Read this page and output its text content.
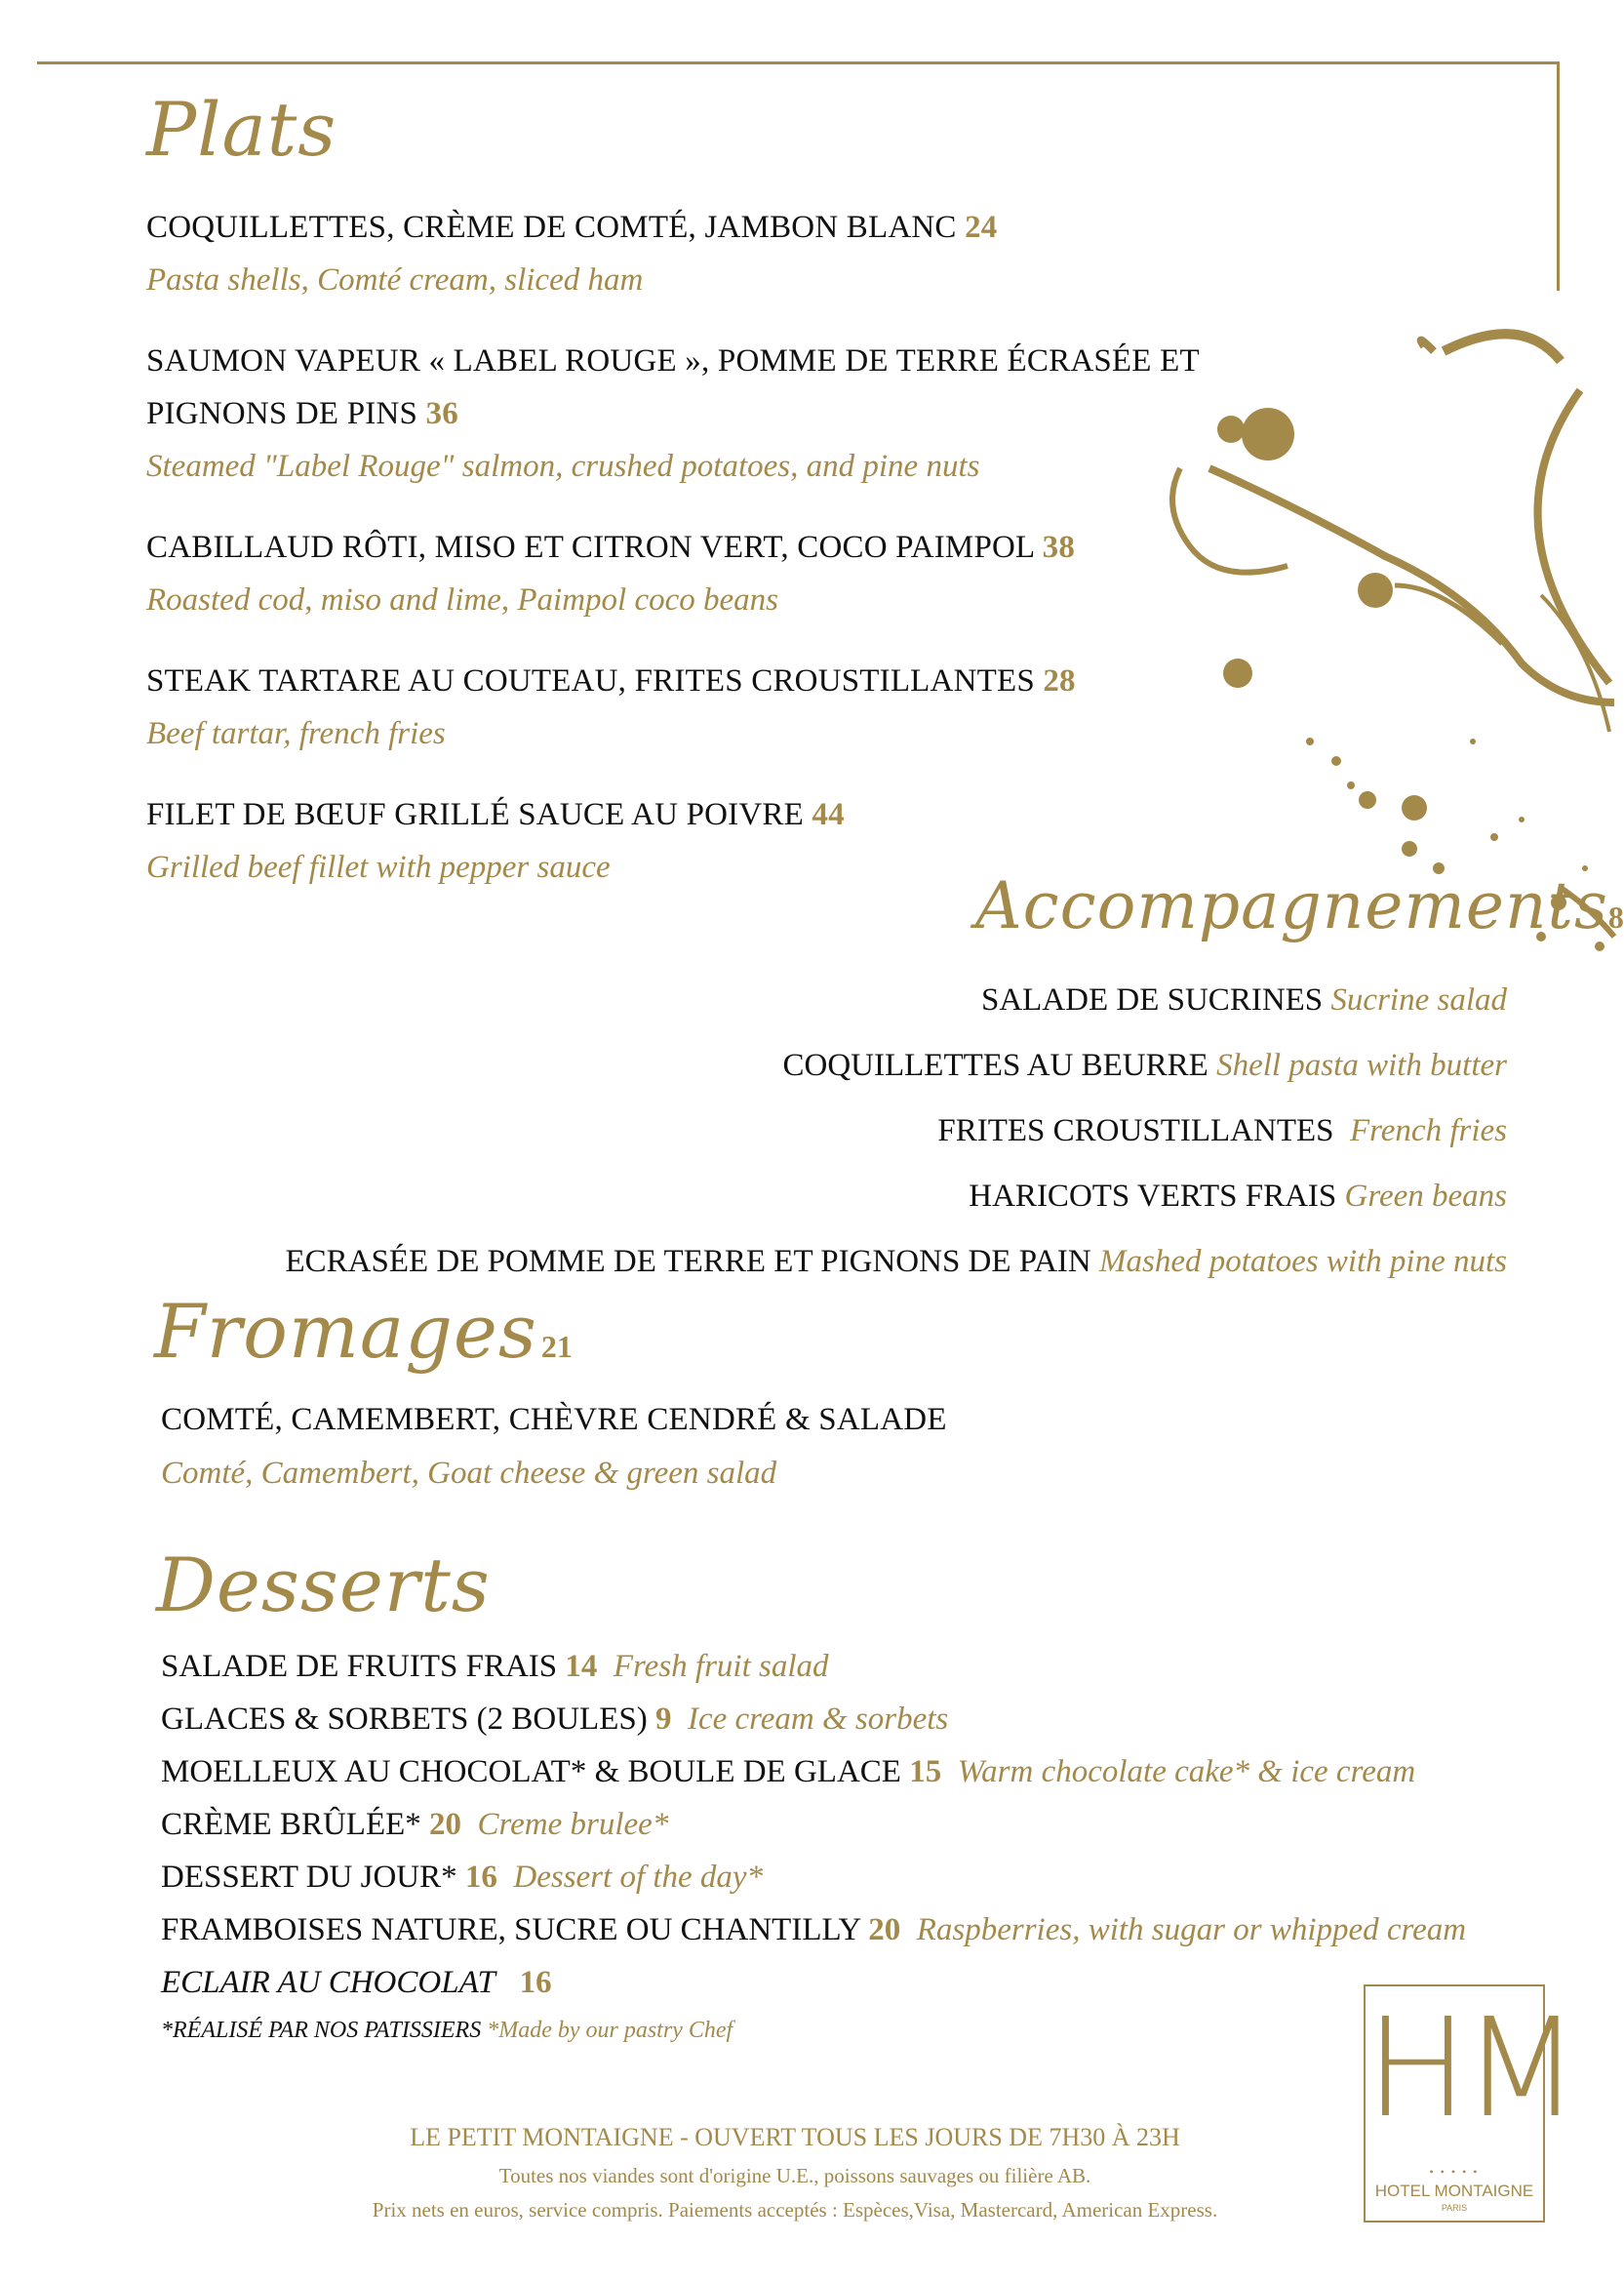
Plats
COQUILLETTES, CRÈME DE COMTÉ, JAMBON BLANC 24
Pasta shells, Comté cream, sliced ham
SAUMON VAPEUR « LABEL ROUGE », POMME DE TERRE ÉCRASÉE ET
PIGNONS DE PINS 36
Steamed "Label Rouge" salmon, crushed potatoes, and pine nuts
CABILLAUD RÔTI, MISO ET CITRON VERT, COCO PAIMPOL 38
Roasted cod, miso and lime, Paimpol coco beans
STEAK TARTARE AU COUTEAU, FRITES CROUSTILLANTES 28
Beef tartar, french fries
FILET DE BŒUF GRILLÉ SAUCE AU POIVRE 44
Grilled beef fillet with pepper sauce
Accompagnements8
SALADE DE SUCRINES Sucrine salad
COQUILLETTES AU BEURRE Shell pasta with butter
FRITES CROUSTILLANTES French fries
HARICOTS VERTS FRAIS Green beans
ECRASÉE DE POMME DE TERRE ET PIGNONS DE PAIN Mashed potatoes with pine nuts
Fromages 21
COMTÉ, CAMEMBERT, CHÈVRE CENDRÉ & SALADE
Comté, Camembert, Goat cheese & green salad
Desserts
SALADE DE FRUITS FRAIS 14 Fresh fruit salad
GLACES & SORBETS (2 BOULES) 9 Ice cream & sorbets
MOELLEUX AU CHOCOLAT* & BOULE DE GLACE 15 Warm chocolate cake* & ice cream
CRÈME BRÛLÉE* 20 Creme brulee*
DESSERT DU JOUR* 16 Dessert of the day*
FRAMBOISES NATURE, SUCRE OU CHANTILLY 20 Raspberries, with sugar or whipped cream
ECLAIR AU CHOCOLAT 16
*RÉALISÉ PAR NOS PATISSIERS *Made by our pastry Chef
LE PETIT MONTAIGNE - OUVERT TOUS LES JOURS DE 7H30 À 23H
Toutes nos viandes sont d'origine U.E., poissons sauvages ou filière AB.
Prix nets en euros, service compris. Paiements acceptés : Espèces,Visa, Mastercard, American Express.
HM
• • • • •
HOTEL MONTAIGNE
PARIS
